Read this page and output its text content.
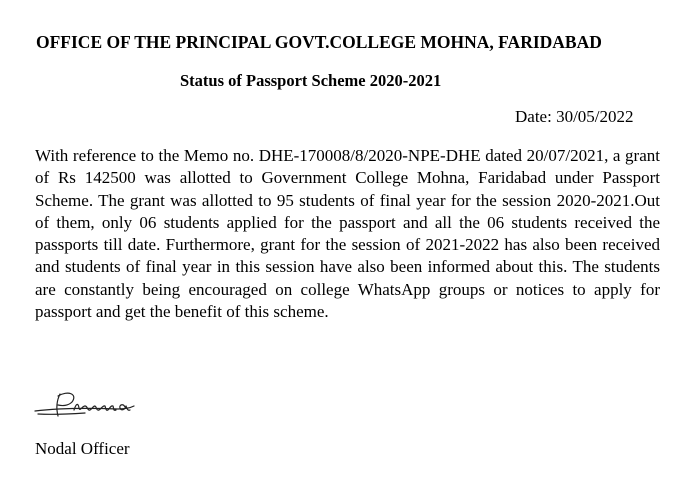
OFFICE OF THE PRINCIPAL GOVT.COLLEGE MOHNA, FARIDABAD
Status of Passport Scheme 2020-2021
Date: 30/05/2022
With reference to the Memo no. DHE-170008/8/2020-NPE-DHE dated 20/07/2021, a grant of Rs 142500 was allotted to Government College Mohna, Faridabad under Passport Scheme. The grant was allotted to 95 students of final year for the session 2020-2021.Out of them, only 06 students applied for the passport and all the 06 students received the passports till date. Furthermore, grant for the session of 2021-2022 has also been received and students of final year in this session have also been informed about this. The students are constantly being encouraged on college WhatsApp groups or notices to apply for passport and get the benefit of this scheme.
Nodal Officer
